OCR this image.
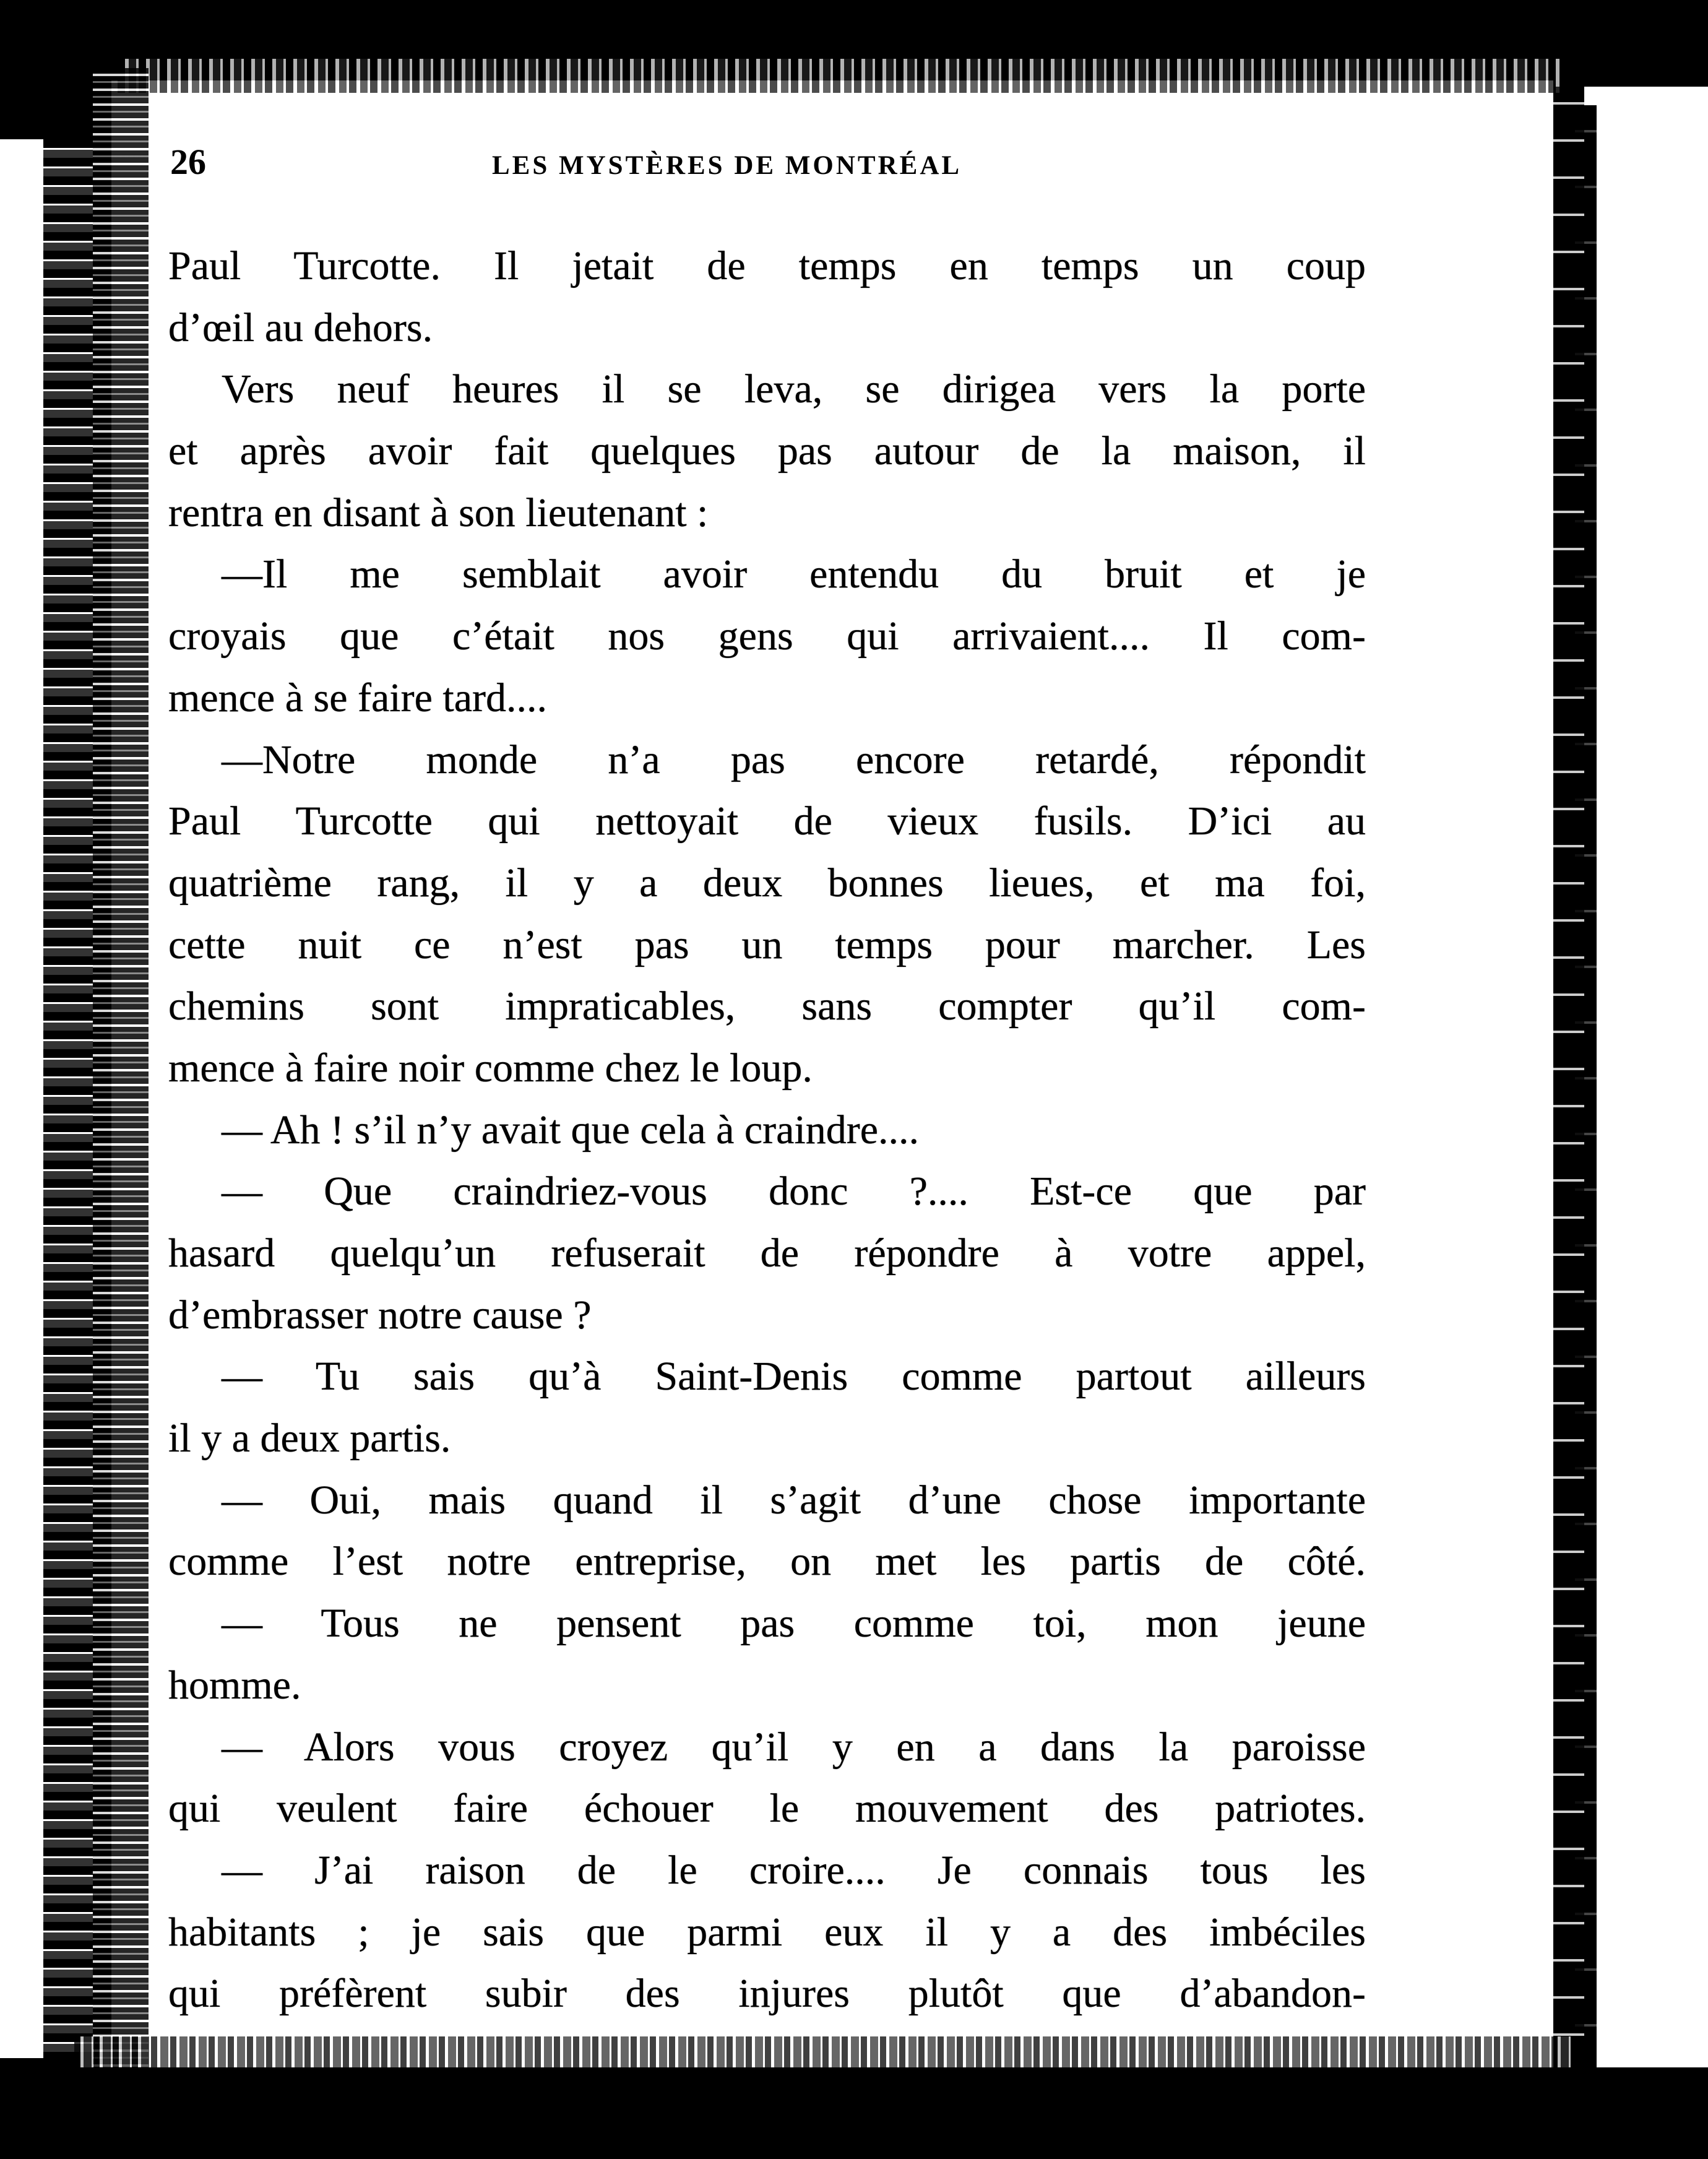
26	LES MYSTÈRES DE MONTRÉAL
Paul Turcotte. Il jetait de temps en temps un coup
d’œil au dehors.
Vers neuf heures il se leva, se dirigea vers la porte
et après avoir fait quelques pas autour de la maison, il
rentra en disant à son lieutenant :
—Il me semblait avoir entendu du bruit et je
croyais que c’était nos gens qui arrivaient.... Il com-
mence à se faire tard....
—Notre monde n’a pas encore retardé, répondit
Paul Turcotte qui nettoyait de vieux fusils. D’ici au
quatrième rang, il y a deux bonnes lieues, et ma foi,
cette nuit ce n’est pas un temps pour marcher. Les
chemins sont impraticables, sans compter qu’il com-
mence à faire noir comme chez le loup.
— Ah ! s’il n’y avait que cela à craindre....
— Que craindriez-vous donc ?.... Est-ce que par
hasard quelqu’un refuserait de répondre à votre appel,
d’embrasser notre cause ?
— Tu sais qu’à Saint-Denis comme partout ailleurs
il y a deux partis.
— Oui, mais quand il s’agit d’une chose importante
comme l’est notre entreprise, on met les partis de côté.
— Tous ne pensent pas comme toi, mon jeune
homme.
— Alors vous croyez qu’il y en a dans la paroisse
qui veulent faire échouer le mouvement des patriotes.
— J’ai raison de le croire.... Je connais tous les
habitants ; je sais que parmi eux il y a des imbéciles
qui préfèrent subir des injures plutôt que d’abandon-
